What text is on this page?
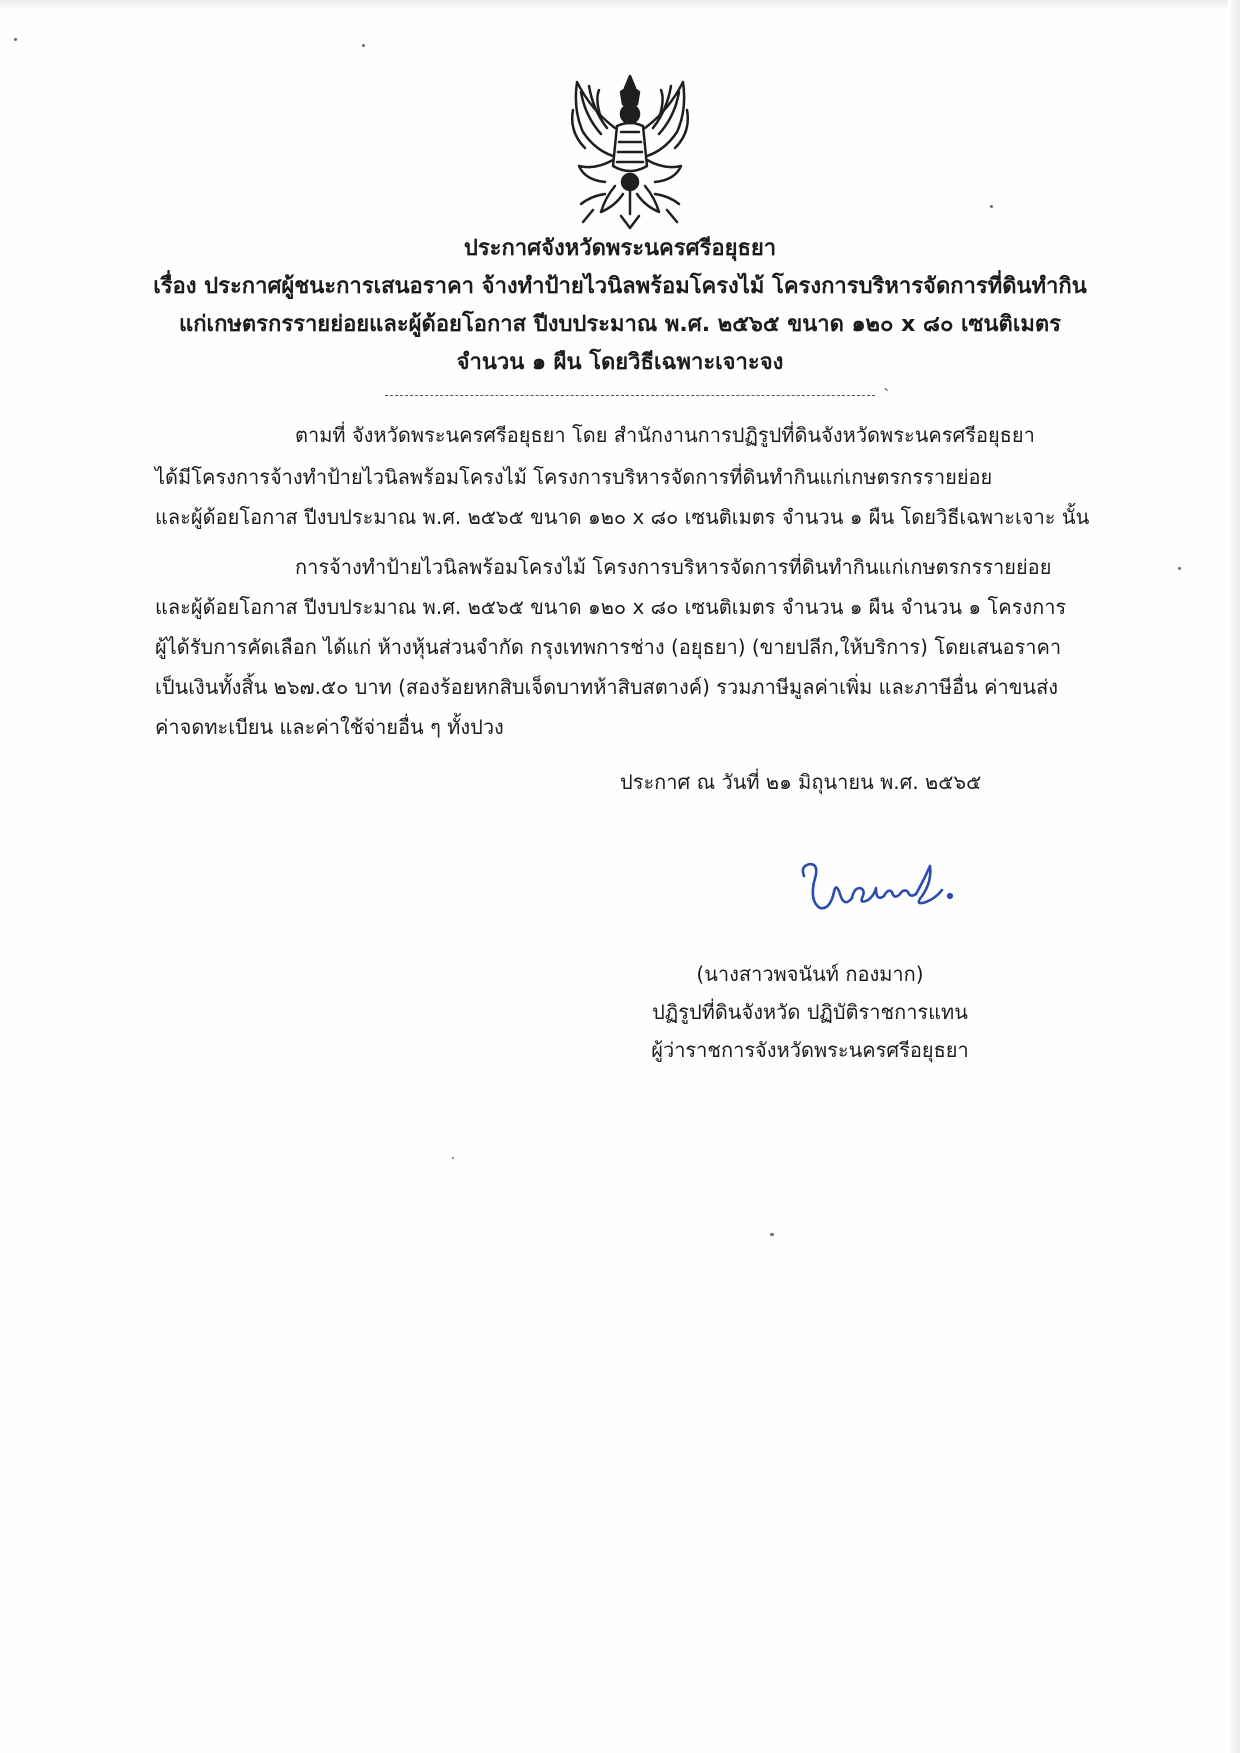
ประกาศจังหวัดพระนครศรีอยุธยา
เรื่อง ประกาศผู้ชนะการเสนอราคา จ้างทำป้ายไวนิลพร้อมโครงไม้ โครงการบริหารจัดการที่ดินทำกิน
แก่เกษตรกรรายย่อยและผู้ด้อยโอกาส ปีงบประมาณ พ.ศ. ๒๕๖๕ ขนาด ๑๒๐ x ๘๐ เซนติเมตร
จำนวน ๑ ผืน โดยวิธีเฉพาะเจาะจง
ˋ
ตามที่ จังหวัดพระนครศรีอยุธยา โดย สำนักงานการปฏิรูปที่ดินจังหวัดพระนครศรีอยุธยา
ได้มีโครงการจ้างทำป้ายไวนิลพร้อมโครงไม้ โครงการบริหารจัดการที่ดินทำกินแก่เกษตรกรรายย่อย
และผู้ด้อยโอกาส ปีงบประมาณ พ.ศ. ๒๕๖๕ ขนาด ๑๒๐ x ๘๐ เซนติเมตร จำนวน ๑ ผืน โดยวิธีเฉพาะเจาะ นั้น
การจ้างทำป้ายไวนิลพร้อมโครงไม้ โครงการบริหารจัดการที่ดินทำกินแก่เกษตรกรรายย่อย
และผู้ด้อยโอกาส ปีงบประมาณ พ.ศ. ๒๕๖๕ ขนาด ๑๒๐ x ๘๐ เซนติเมตร จำนวน ๑ ผืน จำนวน ๑ โครงการ
ผู้ได้รับการคัดเลือก ได้แก่ ห้างหุ้นส่วนจำกัด กรุงเทพการช่าง (อยุธยา) (ขายปลีก,ให้บริการ) โดยเสนอราคา
เป็นเงินทั้งสิ้น ๒๖๗.๕๐ บาท (สองร้อยหกสิบเจ็ดบาทห้าสิบสตางค์) รวมภาษีมูลค่าเพิ่ม และภาษีอื่น ค่าขนส่ง
ค่าจดทะเบียน และค่าใช้จ่ายอื่น ๆ ทั้งปวง
ประกาศ ณ วันที่ ๒๑ มิถุนายน พ.ศ. ๒๕๖๕
(นางสาวพจนันท์ กองมาก)
ปฏิรูปที่ดินจังหวัด ปฏิบัติราชการแทน
ผู้ว่าราชการจังหวัดพระนครศรีอยุธยา
